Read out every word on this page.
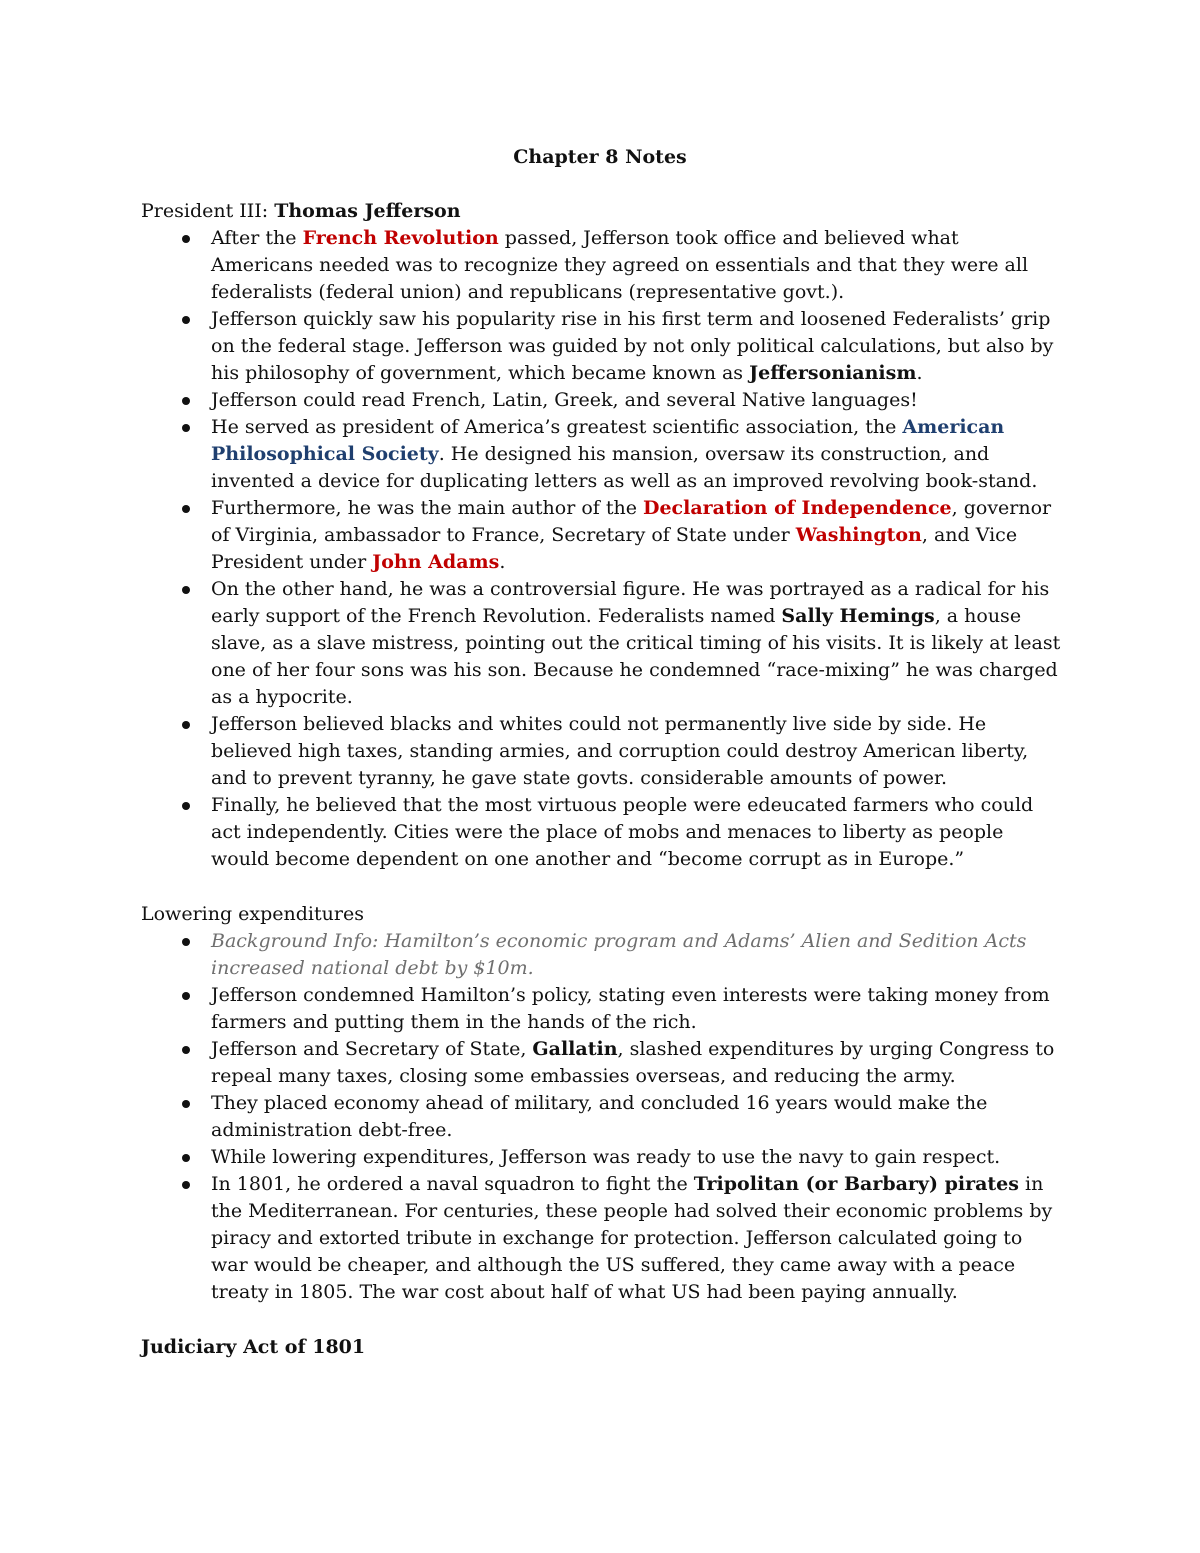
Chapter 8 Notes

President III: Thomas Jefferson

After the French Revolution passed, Jefferson took office and believed what Americans needed was to recognize they agreed on essentials and that they were all federalists (federal union) and republicans (representative govt.).
Jefferson quickly saw his popularity rise in his first term and loosened Federalists’ grip on the federal stage. Jefferson was guided by not only political calculations, but also by his philosophy of government, which became known as Jeffersonianism.
Jefferson could read French, Latin, Greek, and several Native languages!
He served as president of America’s greatest scientific association, the American Philosophical Society. He designed his mansion, oversaw its construction, and invented a device for duplicating letters as well as an improved revolving book-stand.
Furthermore, he was the main author of the Declaration of Independence, governor of Virginia, ambassador to France, Secretary of State under Washington, and Vice President under John Adams.
On the other hand, he was a controversial figure. He was portrayed as a radical for his early support of the French Revolution. Federalists named Sally Hemings, a house slave, as a slave mistress, pointing out the critical timing of his visits. It is likely at least one of her four sons was his son. Because he condemned “race-mixing” he was charged as a hypocrite.
Jefferson believed blacks and whites could not permanently live side by side. He believed high taxes, standing armies, and corruption could destroy American liberty, and to prevent tyranny, he gave state govts. considerable amounts of power.
Finally, he believed that the most virtuous people were edeucated farmers who could act independently. Cities were the place of mobs and menaces to liberty as people would become dependent on one another and “become corrupt as in Europe.”

Lowering expenditures

Background Info: Hamilton’s economic program and Adams’ Alien and Sedition Acts increased national debt by $10m.
Jefferson condemned Hamilton’s policy, stating even interests were taking money from farmers and putting them in the hands of the rich.
Jefferson and Secretary of State, Gallatin, slashed expenditures by urging Congress to repeal many taxes, closing some embassies overseas, and reducing the army.
They placed economy ahead of military, and concluded 16 years would make the administration debt-free.
While lowering expenditures, Jefferson was ready to use the navy to gain respect.
In 1801, he ordered a naval squadron to fight the Tripolitan (or Barbary) pirates in the Mediterranean. For centuries, these people had solved their economic problems by piracy and extorted tribute in exchange for protection. Jefferson calculated going to war would be cheaper, and although the US suffered, they came away with a peace treaty in 1805. The war cost about half of what US had been paying annually.

Judiciary Act of 1801
